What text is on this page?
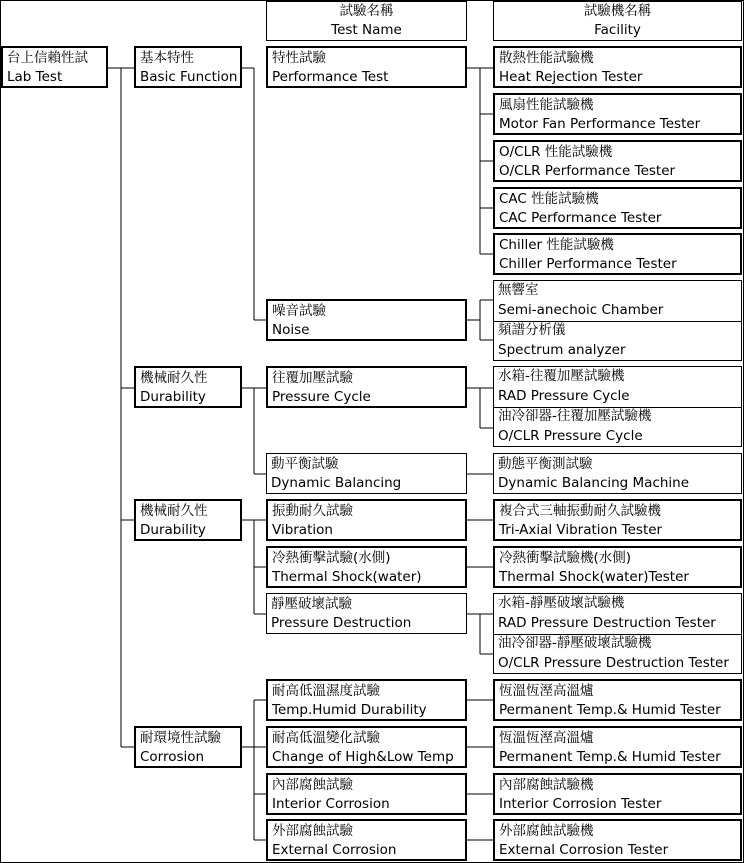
試驗名稱
Test Name
試驗機名稱
Facility
台上信賴性試
Lab Test
基本特性
Basic Function
機械耐久性
Durability
機械耐久性
Durability
耐環境性試驗
Corrosion
特性試驗
Performance Test
噪音試驗
Noise
往覆加壓試驗
Pressure Cycle
動平衡試驗
Dynamic Balancing
振動耐久試驗
Vibration
冷熱衝擊試驗(水側)
Thermal Shock(water)
靜壓破壞試驗
Pressure Destruction
耐高低溫濕度試驗
Temp.Humid Durability
耐高低溫變化試驗
Change of High&Low Temp
內部腐蝕試驗
Interior Corrosion
外部腐蝕試驗
External Corrosion
散熱性能試驗機
Heat Rejection Tester
風扇性能試驗機
Motor Fan Performance Tester
O/CLR 性能試驗機
O/CLR Performance Tester
CAC 性能試驗機
CAC Performance Tester
Chiller 性能試驗機
Chiller Performance Tester
無響室
Semi-anechoic Chamber
頻譜分析儀
Spectrum analyzer
水箱-往覆加壓試驗機
RAD Pressure Cycle
油冷卻器-往覆加壓試驗機
O/CLR Pressure Cycle
動態平衡測試驗
Dynamic Balancing Machine
複合式三軸振動耐久試驗機
Tri-Axial Vibration Tester
冷熱衝擊試驗機(水側)
Thermal Shock(water)Tester
水箱-靜壓破壞試驗機
RAD Pressure Destruction Tester
油冷卻器-靜壓破壞試驗機
O/CLR Pressure Destruction Tester
恆溫恆溼高溫爐
Permanent Temp.& Humid Tester
恆溫恆溼高溫爐
Permanent Temp.& Humid Tester
內部腐蝕試驗機
Interior Corrosion Tester
外部腐蝕試驗機
External Corrosion Tester
